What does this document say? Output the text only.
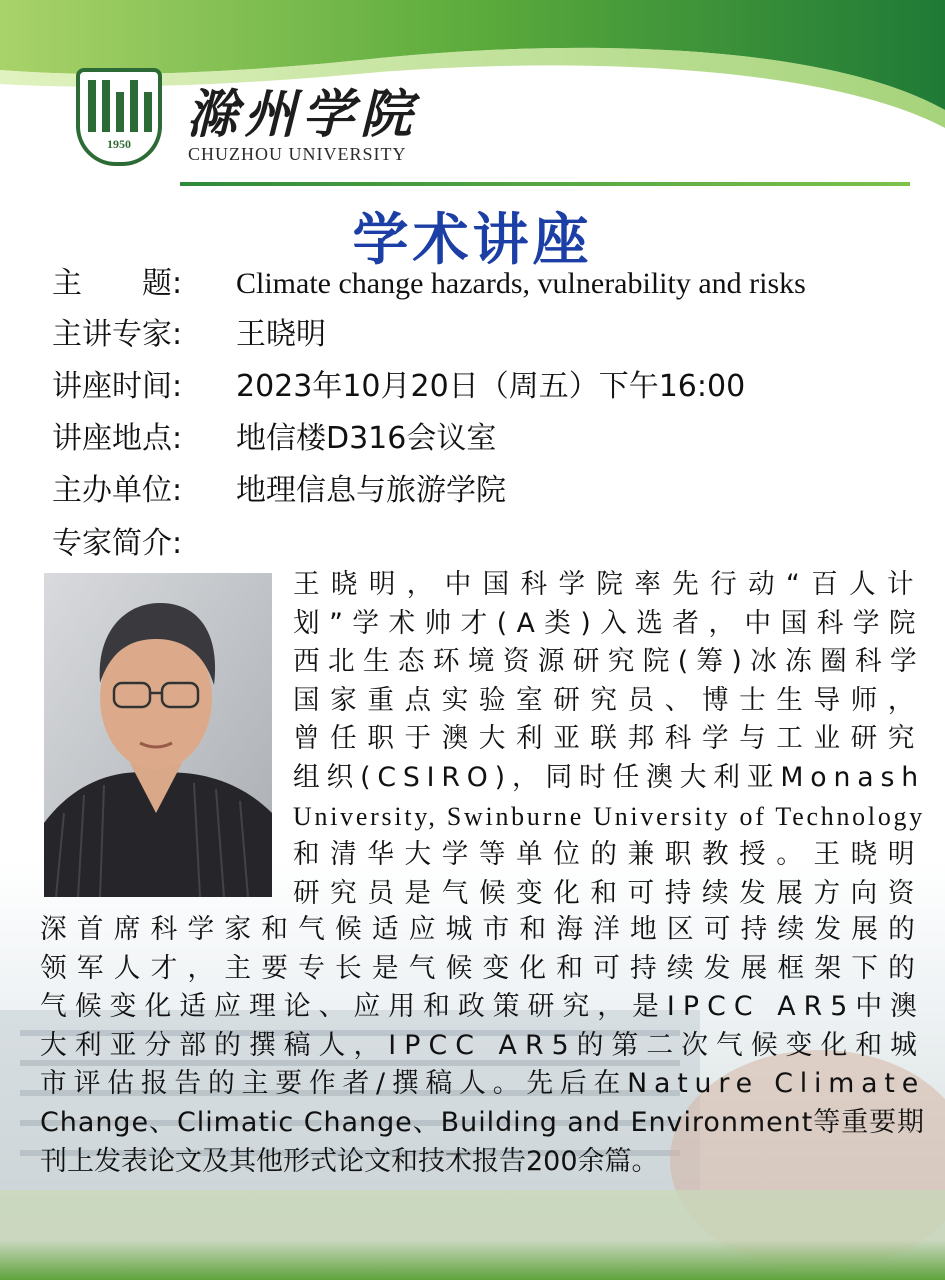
1950	滁州学院
CHUZHOU UNIVERSITY
学术讲座
主　　题: Climate change hazards, vulnerability and risks
主讲专家: 王晓明
讲座时间: 2023年10月20日（周五）下午16:00
讲座地点: 地信楼D316会议室
主办单位: 地理信息与旅游学院
专家简介:
王晓明，中国科学院率先行动“百人计
划”学术帅才(A类)入选者，中国科学院
西北生态环境资源研究院(筹)冰冻圈科学
国家重点实验室研究员、博士生导师，
曾任职于澳大利亚联邦科学与工业研究
组织(CSIRO)，同时任澳大利亚Monash
University, Swinburne University of Technology
和清华大学等单位的兼职教授。王晓明
研究员是气候变化和可持续发展方向资
深首席科学家和气候适应城市和海洋地区可持续发展的
领军人才，主要专长是气候变化和可持续发展框架下的
气候变化适应理论、应用和政策研究，是IPCC AR5中澳
大利亚分部的撰稿人，IPCC AR5的第二次气候变化和城
市评估报告的主要作者/撰稿人。先后在Nature Climate
Change、Climatic Change、Building and Environment等重要期
刊上发表论文及其他形式论文和技术报告200余篇。
